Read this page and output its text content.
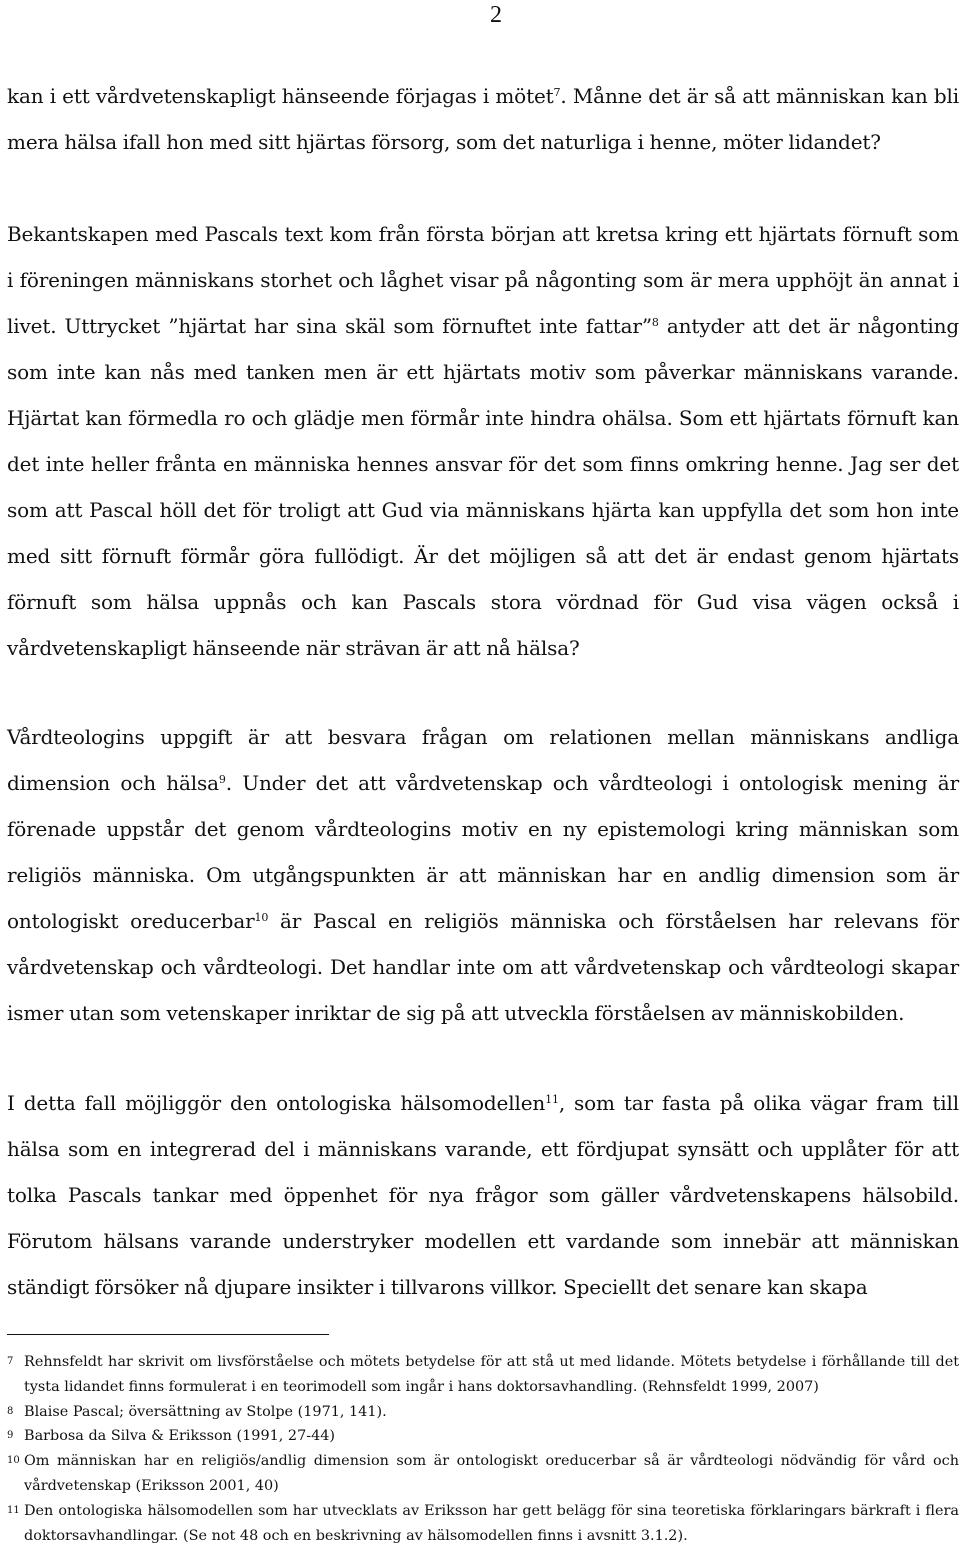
2

kan i ett vårdvetenskapligt hänseende förjagas i mötet$^7$. Månne det är så att människan kan bli mera hälsa ifall hon med sitt hjärtas försorg, som det naturliga i henne, möter lidandet?

Bekantskapen med Pascals text kom från första början att kretsa kring ett hjärtats förnuft som i föreningen människans storhet och låghet visar på någonting som är mera upphöjt än annat i livet. Uttrycket ”hjärtat har sina skäl som förnuftet inte fattar”$^8$ antyder att det är någonting som inte kan nås med tanken men är ett hjärtats motiv som påverkar människans varande. Hjärtat kan förmedla ro och glädje men förmår inte hindra ohälsa. Som ett hjärtats förnuft kan det inte heller frånta en människa hennes ansvar för det som finns omkring henne. Jag ser det som att Pascal höll det för troligt att Gud via människans hjärta kan uppfylla det som hon inte med sitt förnuft förmår göra fullödigt. Är det möjligen så att det är endast genom hjärtats förnuft som hälsa uppnås och kan Pascals stora vördnad för Gud visa vägen också i vårdvetenskapligt hänseende när strävan är att nå hälsa?

Vårdteologins uppgift är att besvara frågan om relationen mellan människans andliga dimension och hälsa$^9$. Under det att vårdvetenskap och vårdteologi i ontologisk mening är förenade uppstår det genom vårdteologins motiv en ny epistemologi kring människan som religiös människa. Om utgångspunkten är att människan har en andlig dimension som är ontologiskt oreducerbar$^{10}$ är Pascal en religiös människa och förståelsen har relevans för vårdvetenskap och vårdteologi. Det handlar inte om att vårdvetenskap och vårdteologi skapar ismer utan som vetenskaper inriktar de sig på att utveckla förståelsen av människobilden.

I detta fall möjliggör den ontologiska hälsomodellen$^{11}$, som tar fasta på olika vägar fram till hälsa som en integrerad del i människans varande, ett fördjupat synsätt och upplåter för att tolka Pascals tankar med öppenhet för nya frågor som gäller vårdvetenskapens hälsobild. Förutom hälsans varande understryker modellen ett vardande som innebär att människan ständigt försöker nå djupare insikter i tillvarons villkor. Speciellt det senare kan skapa

7 Rehnsfeldt har skrivit om livsförståelse och mötets betydelse för att stå ut med lidande. Mötets betydelse i förhållande till det tysta lidandet finns formulerat i en teorimodell som ingår i hans doktorsavhandling. (Rehnsfeldt 1999, 2007)
8 Blaise Pascal; översättning av Stolpe (1971, 141).
9 Barbosa da Silva & Eriksson (1991, 27-44)
10 Om människan har en religiös/andlig dimension som är ontologiskt oreducerbar så är vårdteologi nödvändig för vård och vårdvetenskap (Eriksson 2001, 40)
11 Den ontologiska hälsomodellen som har utvecklats av Eriksson har gett belägg för sina teoretiska förklaringars bärkraft i flera doktorsavhandlingar. (Se not 48 och en beskrivning av hälsomodellen finns i avsnitt 3.1.2).
